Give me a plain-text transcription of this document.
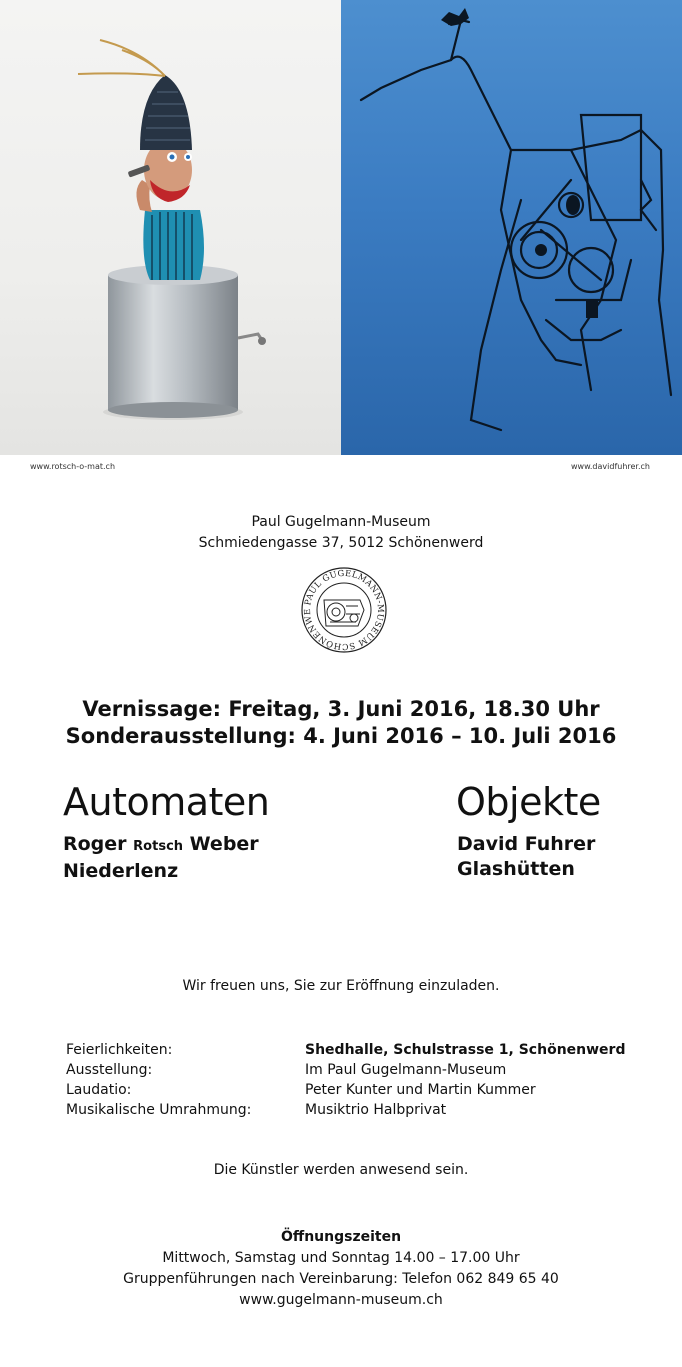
www.rotsch-o-mat.ch	www.davidfuhrer.ch
Paul Gugelmann-Museum
Schmiedengasse 37, 5012 Schönenwerd
PAUL GUGELMANN-MUSEUM SCHÖNENWE
Vernissage: Freitag, 3. Juni 2016, 18.30 Uhr
Sonderausstellung: 4. Juni 2016 – 10. Juli 2016
Automaten	Objekte
Roger Rotsch Weber
Niederlenz
David Fuhrer
Glashütten
Wir freuen uns, Sie zur Eröffnung einzuladen.
Feierlichkeiten:	Shedhalle, Schulstrasse 1, Schönenwerd
Ausstellung:	Im Paul Gugelmann-Museum
Laudatio:	Peter Kunter und Martin Kummer
Musikalische Umrahmung:	Musiktrio Halbprivat
Die Künstler werden anwesend sein.
Öffnungszeiten
Mittwoch, Samstag und Sonntag 14.00 – 17.00 Uhr
Gruppenführungen nach Vereinbarung: Telefon 062 849 65 40
www.gugelmann-museum.ch
